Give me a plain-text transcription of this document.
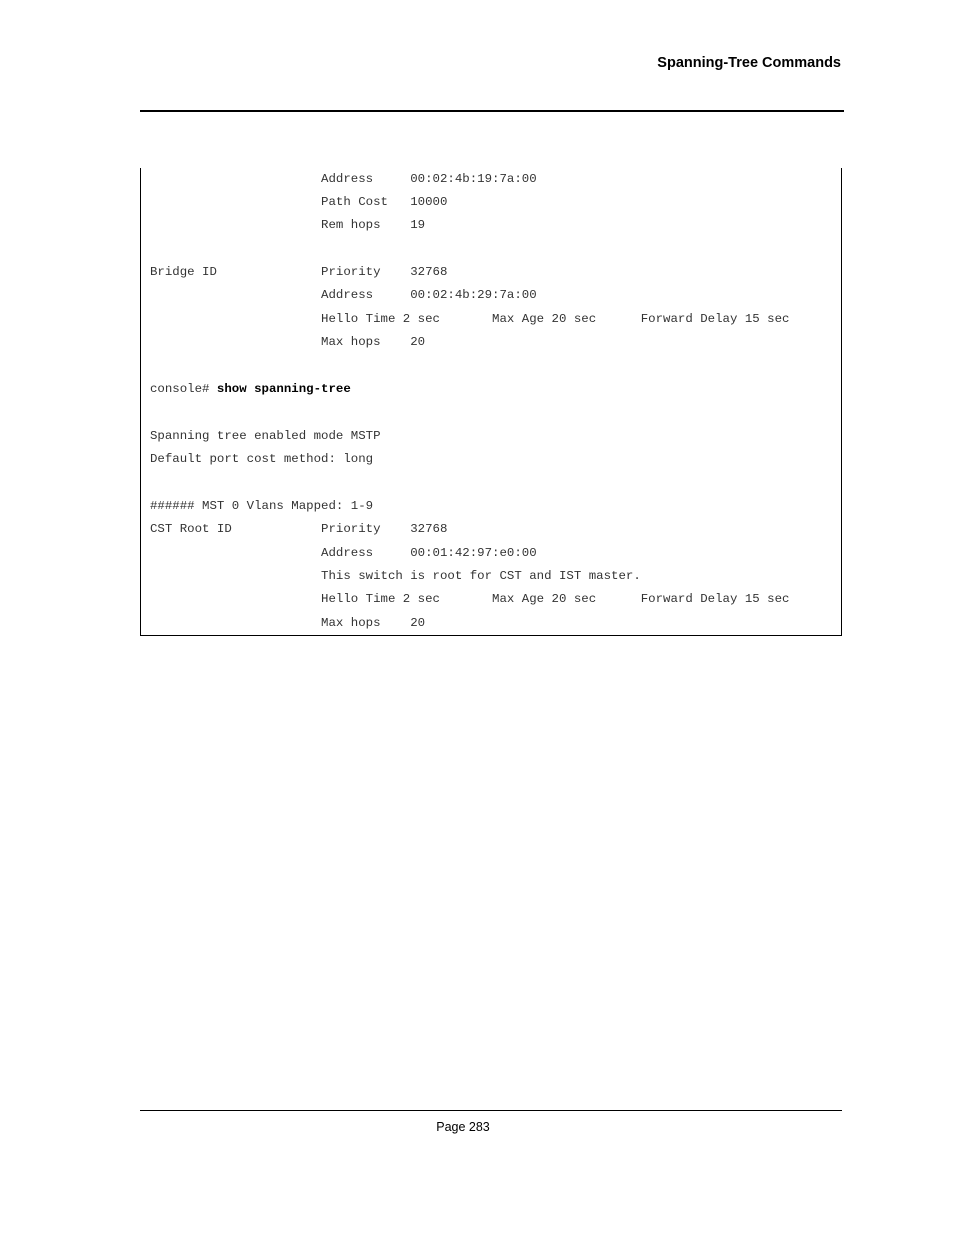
Spanning-Tree Commands
Address     00:02:4b:19:7a:00
Path Cost   10000
Rem hops    19
Bridge ID              Priority    32768
Address     00:02:4b:29:7a:00
Hello Time 2 sec       Max Age 20 sec      Forward Delay 15 sec
Max hops    20
console# show spanning-tree
Spanning tree enabled mode MSTP
Default port cost method: long
###### MST 0 Vlans Mapped: 1-9
CST Root ID            Priority    32768
Address     00:01:42:97:e0:00
This switch is root for CST and IST master.
Hello Time 2 sec       Max Age 20 sec      Forward Delay 15 sec
Max hops    20
Page 283
